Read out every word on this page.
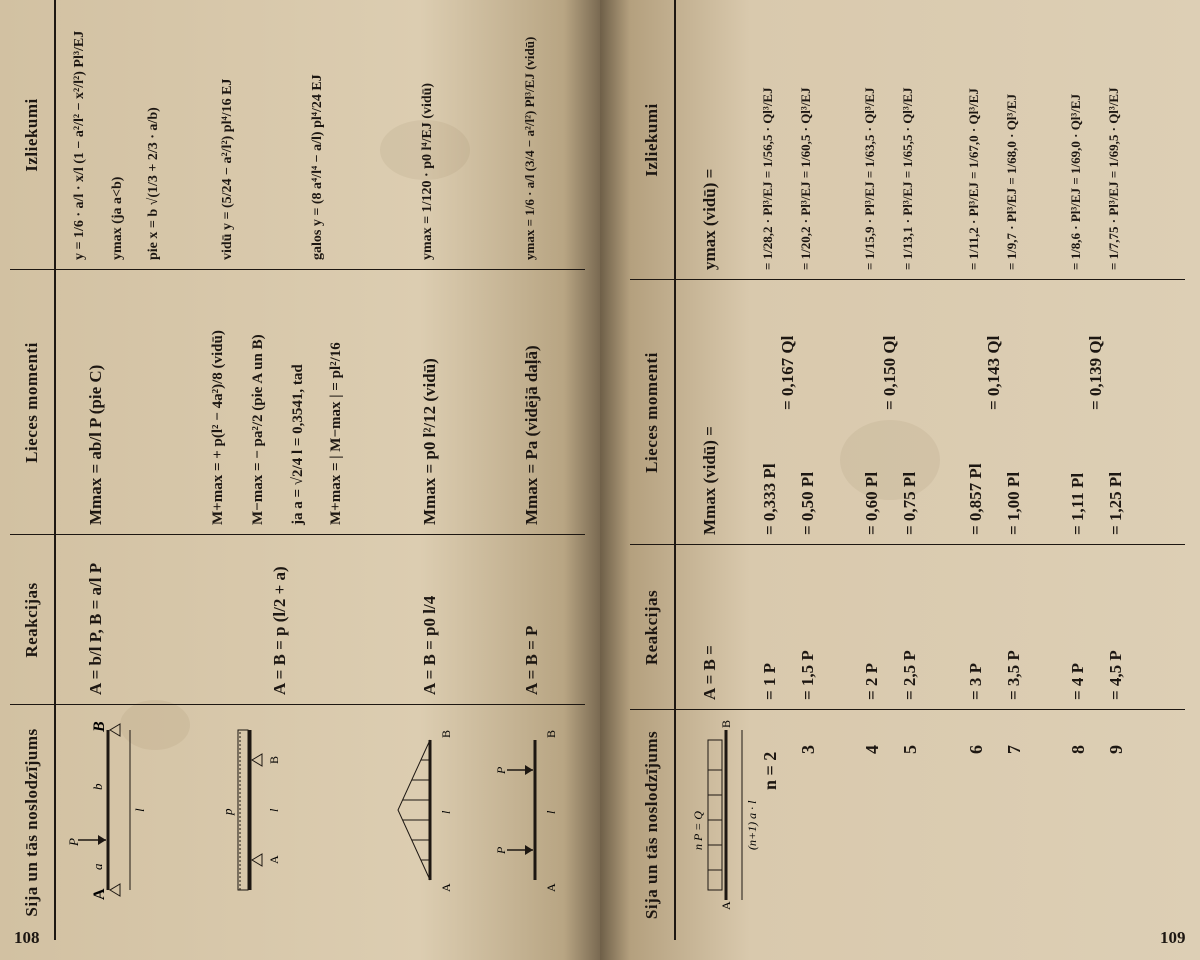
108
Sija un tās noslodzījums
Reakcijas
Lieces momenti
Izliekumi
A
B
P
a
b
l
A = b/l P, B = a/l P
Mmax = ab/l P (pie C)
y = 1/6 · a/l · x/l (1 − a²/l² − x²/l²) Pl³/EJ ymax (ja a<b) pie x = b √(1/3 + 2/3 · a/b)
p
A
B
l
A = B = p (l/2 + a)
M+max = + p(l² − 4a²)/8 (vidū) M−max = − pa²/2 (pie A un B) ja a = √2/4 l = 0,3541, tad M+max = | M−max | = pl²/16
vidū y = (5/24 − a²/l²) pl⁴/16 EJ	galos y = (8 a⁴/l⁴ − a/l) pl⁴/24 EJ
A
B
l
A = B = p0 l/4
Mmax = p0 l²/12 (vidū)
ymax = 1/120 · p0 l⁴/EJ (vidū)
P
P
A
B
l
A = B = P
Mmax = Pa (vidējā daļā)
ymax = 1/6 · a/l (3/4 − a²/l²) Pl³/EJ (vidū)
109
Sija un tās noslodzījums
Reakcijas
Lieces momenti
Izliekumi
n P = Q
A
B
(n+1) a · l
A = B =
Mmax (vidū) =
ymax (vidū) =
n = 2
= 1 P
= 0,333 Pl
= 0,167 Ql
= 1/28,2 · Pl³/EJ = 1/56,5 · Ql³/EJ
3
= 1,5 P
= 0,50 Pl
= 1/20,2 · Pl³/EJ = 1/60,5 · Ql³/EJ
4
= 2 P
= 0,60 Pl
= 0,150 Ql
= 1/15,9 · Pl³/EJ = 1/63,5 · Ql³/EJ
5
= 2,5 P
= 0,75 Pl
= 1/13,1 · Pl³/EJ = 1/65,5 · Ql³/EJ
6
= 3 P
= 0,857 Pl
= 0,143 Ql
= 1/11,2 · Pl³/EJ = 1/67,0 · Ql³/EJ
7
= 3,5 P
= 1,00 Pl
= 1/9,7 · Pl³/EJ = 1/68,0 · Ql³/EJ
8
= 4 P
= 1,11 Pl
= 0,139 Ql
= 1/8,6 · Pl³/EJ = 1/69,0 · Ql³/EJ
9
= 4,5 P
= 1,25 Pl
= 1/7,75 · Pl³/EJ = 1/69,5 · Ql³/EJ
